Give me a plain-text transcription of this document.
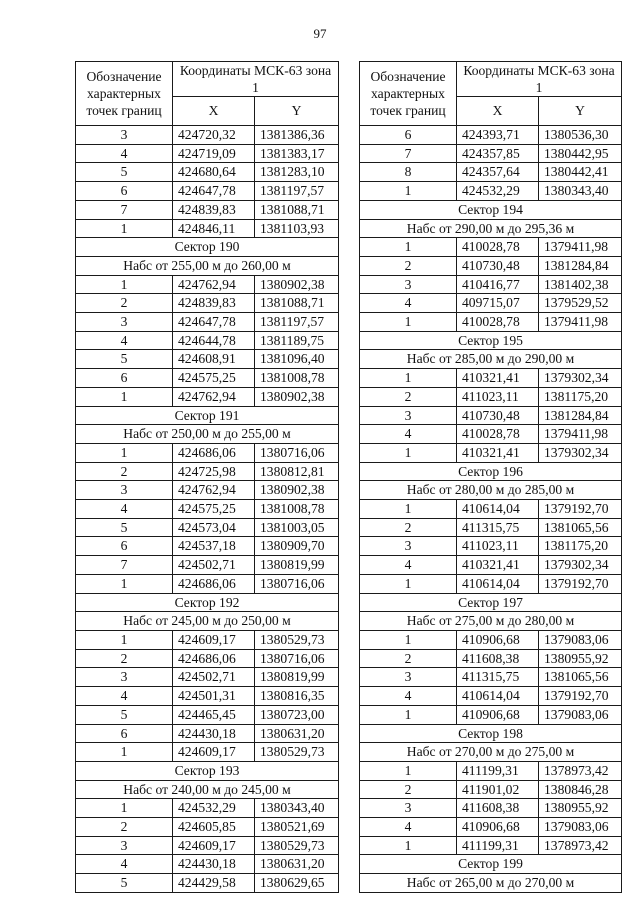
97
Обозначение характерных точек границ	Координаты МСК-63 зона 1	
	X	Y
3	424720,32	1381386,36
4	424719,09	1381383,17
5	424680,64	1381283,10
6	424647,78	1381197,57
7	424839,83	1381088,71
1	424846,11	1381103,93
Сектор 190		
Набс от 255,00 м до 260,00 м		
1	424762,94	1380902,38
2	424839,83	1381088,71
3	424647,78	1381197,57
4	424644,78	1381189,75
5	424608,91	1381096,40
6	424575,25	1381008,78
1	424762,94	1380902,38
Сектор 191		
Набс от 250,00 м до 255,00 м		
1	424686,06	1380716,06
2	424725,98	1380812,81
3	424762,94	1380902,38
4	424575,25	1381008,78
5	424573,04	1381003,05
6	424537,18	1380909,70
7	424502,71	1380819,99
1	424686,06	1380716,06
Сектор 192		
Набс от 245,00 м до 250,00 м		
1	424609,17	1380529,73
2	424686,06	1380716,06
3	424502,71	1380819,99
4	424501,31	1380816,35
5	424465,45	1380723,00
6	424430,18	1380631,20
1	424609,17	1380529,73
Сектор 193		
Набс от 240,00 м до 245,00 м		
1	424532,29	1380343,40
2	424605,85	1380521,69
3	424609,17	1380529,73
4	424430,18	1380631,20
5	424429,58	1380629,65
Обозначение характерных точек границ	Координаты МСК-63 зона 1	
	X	Y
6	424393,71	1380536,30
7	424357,85	1380442,95
8	424357,64	1380442,41
1	424532,29	1380343,40
Сектор 194		
Набс от 290,00 м до 295,36 м		
1	410028,78	1379411,98
2	410730,48	1381284,84
3	410416,77	1381402,38
4	409715,07	1379529,52
1	410028,78	1379411,98
Сектор 195		
Набс от 285,00 м до 290,00 м		
1	410321,41	1379302,34
2	411023,11	1381175,20
3	410730,48	1381284,84
4	410028,78	1379411,98
1	410321,41	1379302,34
Сектор 196		
Набс от 280,00 м до 285,00 м		
1	410614,04	1379192,70
2	411315,75	1381065,56
3	411023,11	1381175,20
4	410321,41	1379302,34
1	410614,04	1379192,70
Сектор 197		
Набс от 275,00 м до 280,00 м		
1	410906,68	1379083,06
2	411608,38	1380955,92
3	411315,75	1381065,56
4	410614,04	1379192,70
1	410906,68	1379083,06
Сектор 198		
Набс от 270,00 м до 275,00 м		
1	411199,31	1378973,42
2	411901,02	1380846,28
3	411608,38	1380955,92
4	410906,68	1379083,06
1	411199,31	1378973,42
Сектор 199		
Набс от 265,00 м до 270,00 м		
